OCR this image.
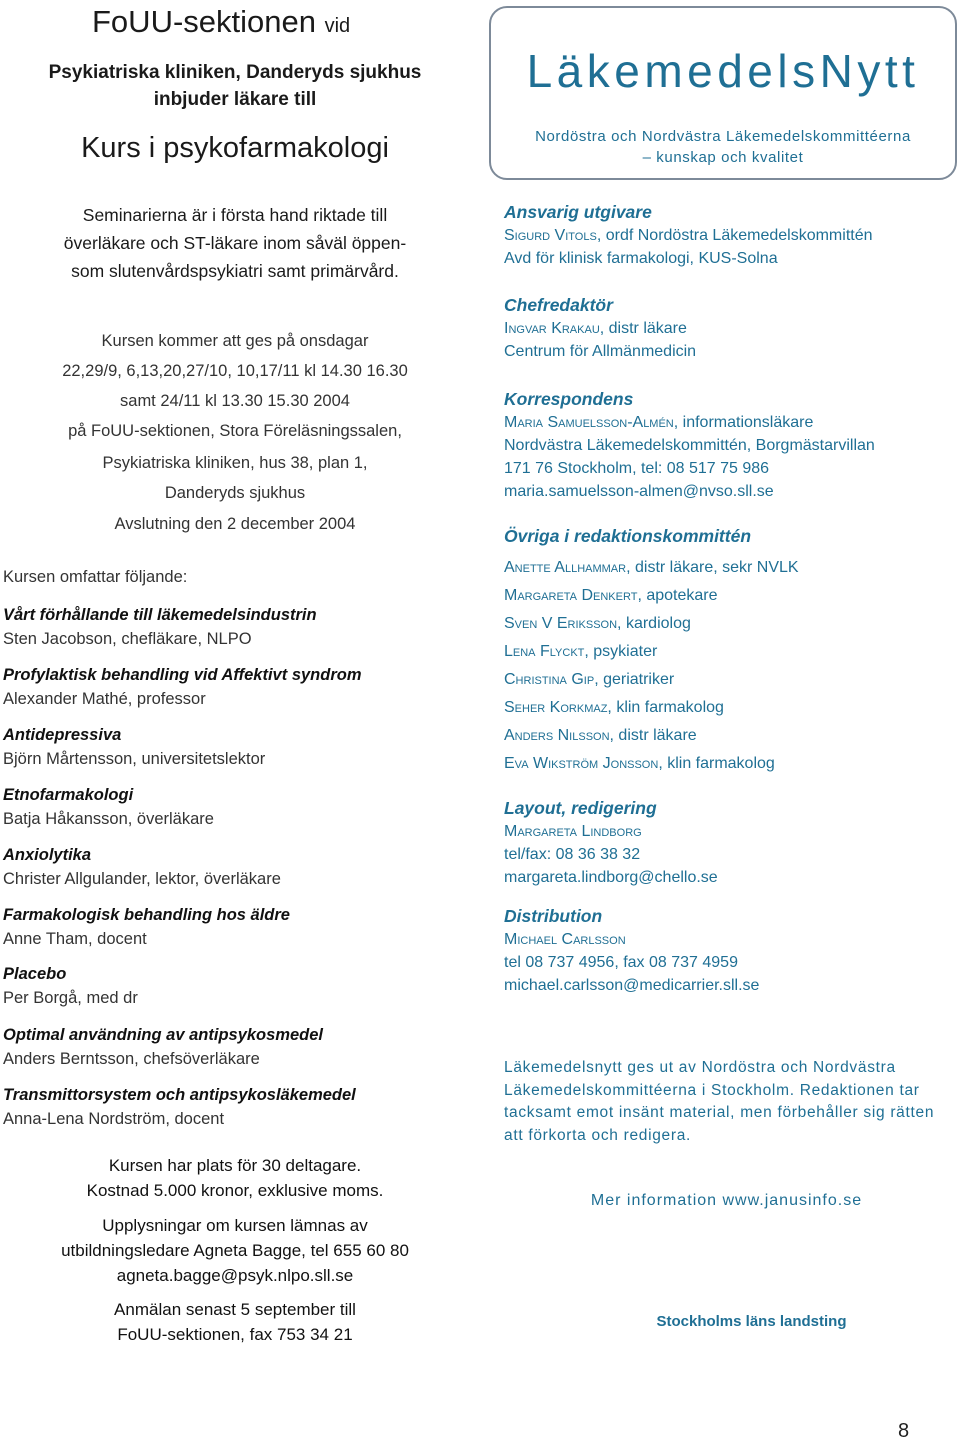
FoUU-sektionen vid
Psykiatriska kliniken, Danderyds sjukhus
inbjuder läkare till
Kurs i psykofarmakologi
Seminarierna är i första hand riktade till
överläkare och ST-läkare inom såväl öppen-
som slutenvårdspsykiatri samt primärvård.
Kursen kommer att ges på onsdagar
22,29/9, 6,13,20,27/10, 10,17/11 kl 14.30 16.30
samt 24/11 kl 13.30 15.30 2004
på FoUU-sektionen, Stora Föreläsningssalen,
Psykiatriska kliniken, hus 38, plan 1,
Danderyds sjukhus
Avslutning den 2 december 2004
Kursen omfattar följande:
Vårt förhållande till läkemedelsindustrin
Sten Jacobson, chefläkare, NLPO
Profylaktisk behandling vid Affektivt syndrom
Alexander Mathé, professor
Antidepressiva
Björn Mårtensson, universitetslektor
Etnofarmakologi
Batja Håkansson, överläkare
Anxiolytika
Christer Allgulander, lektor, överläkare
Farmakologisk behandling hos äldre
Anne Tham, docent
Placebo
Per Borgå, med dr
Optimal användning av antipsykosmedel
Anders Berntsson, chefsöverläkare
Transmittorsystem och antipsykosläkemedel
Anna-Lena Nordström, docent
Kursen har plats för 30 deltagare.
Kostnad 5.000 kronor, exklusive moms.
Upplysningar om kursen lämnas av
utbildningsledare Agneta Bagge, tel 655 60 80
agneta.bagge@psyk.nlpo.sll.se
Anmälan senast 5 september till
FoUU-sektionen, fax 753 34 21
LäkemedelsNytt
Nordöstra och Nordvästra Läkemedelskommittéerna
– kunskap och kvalitet
Ansvarig utgivare
Sigurd Vitols, ordf Nordöstra Läkemedelskommittén
Avd för klinisk farmakologi, KUS-Solna
Chefredaktör
Ingvar Krakau, distr läkare
Centrum för Allmänmedicin
Korrespondens
Maria Samuelsson-Almén, informationsläkare
Nordvästra Läkemedelskommittén, Borgmästarvillan
171 76 Stockholm, tel: 08 517 75 986
maria.samuelsson-almen@nvso.sll.se
Övriga i redaktionskommittén
Anette Allhammar, distr läkare, sekr NVLK
Margareta Denkert, apotekare
Sven V Eriksson, kardiolog
Lena Flyckt, psykiater
Christina Gip, geriatriker
Seher Korkmaz, klin farmakolog
Anders Nilsson, distr läkare
Eva Wikström Jonsson, klin farmakolog
Layout, redigering
Margareta Lindborg
tel/fax: 08 36 38 32
margareta.lindborg@chello.se
Distribution
Michael Carlsson
tel 08 737 4956, fax 08 737 4959
michael.carlsson@medicarrier.sll.se
Läkemedelsnytt ges ut av Nordöstra och Nordvästra Läkemedelskommittéerna i Stockholm. Redaktionen tar tacksamt emot insänt material, men förbehåller sig rätten att förkorta och redigera.
Mer information www.janusinfo.se
Stockholms läns landsting
8
